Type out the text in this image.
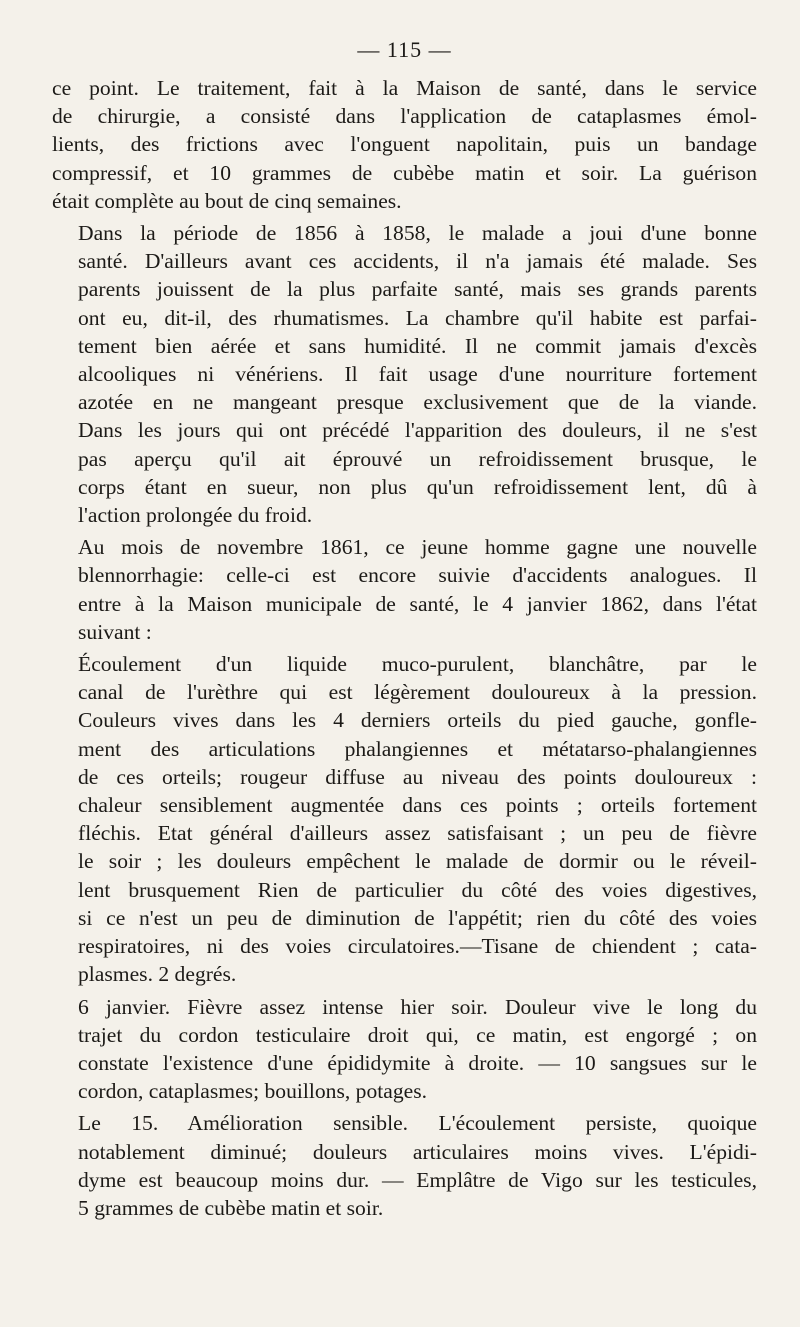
— 115 —

ce point. Le traitement, fait à la Maison de santé, dans le service
de chirurgie, a consisté dans l'application de cataplasmes émol-
lients, des frictions avec l'onguent napolitain, puis un bandage
compressif, et 10 grammes de cubèbe matin et soir. La guérison
était complète au bout de cinq semaines.

Dans la période de 1856 à 1858, le malade a joui d'une bonne
santé. D'ailleurs avant ces accidents, il n'a jamais été malade. Ses
parents jouissent de la plus parfaite santé, mais ses grands parents
ont eu, dit-il, des rhumatismes. La chambre qu'il habite est parfai-
tement bien aérée et sans humidité. Il ne commit jamais d'excès
alcooliques ni vénériens. Il fait usage d'une nourriture fortement
azotée en ne mangeant presque exclusivement que de la viande.
Dans les jours qui ont précédé l'apparition des douleurs, il ne s'est
pas aperçu qu'il ait éprouvé un refroidissement brusque, le
corps étant en sueur, non plus qu'un refroidissement lent, dû à
l'action prolongée du froid.

Au mois de novembre 1861, ce jeune homme gagne une nouvelle
blennorrhagie: celle-ci est encore suivie d'accidents analogues. Il
entre à la Maison municipale de santé, le 4 janvier 1862, dans l'état
suivant :

Écoulement d'un liquide muco-purulent, blanchâtre, par le
canal de l'urèthre qui est légèrement douloureux à la pression.
Couleurs vives dans les 4 derniers orteils du pied gauche, gonfle-
ment des articulations phalangiennes et métatarso-phalangiennes
de ces orteils; rougeur diffuse au niveau des points douloureux :
chaleur sensiblement augmentée dans ces points ; orteils fortement
fléchis. Etat général d'ailleurs assez satisfaisant ; un peu de fièvre
le soir ; les douleurs empêchent le malade de dormir ou le réveil-
lent brusquement Rien de particulier du côté des voies digestives,
si ce n'est un peu de diminution de l'appétit; rien du côté des voies
respiratoires, ni des voies circulatoires.—Tisane de chiendent ; cata-
plasmes. 2 degrés.

6 janvier. Fièvre assez intense hier soir. Douleur vive le long du
trajet du cordon testiculaire droit qui, ce matin, est engorgé ; on
constate l'existence d'une épididymite à droite. — 10 sangsues sur le
cordon, cataplasmes; bouillons, potages.

Le 15. Amélioration sensible. L'écoulement persiste, quoique
notablement diminué; douleurs articulaires moins vives. L'épidi-
dyme est beaucoup moins dur. — Emplâtre de Vigo sur les testicules,
5 grammes de cubèbe matin et soir.
